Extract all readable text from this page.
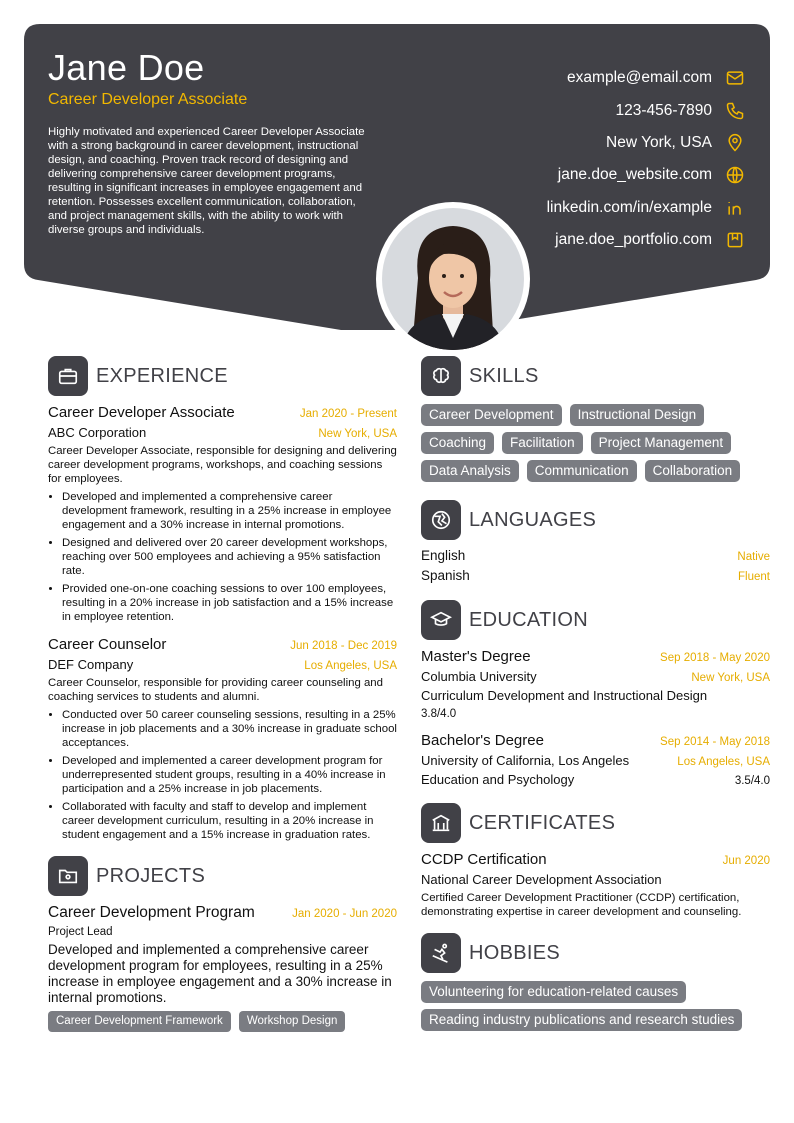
Jane Doe
Career Developer Associate
Highly motivated and experienced Career Developer Associate with a strong background in career development, instructional design, and coaching. Proven track record of designing and delivering comprehensive career development programs, resulting in significant increases in employee engagement and retention. Possesses excellent communication, collaboration, and project management skills, with the ability to work with diverse groups and individuals.
example@email.com
123-456-7890
New York, USA
jane.doe_website.com
linkedin.com/in/example
jane.doe_portfolio.com
EXPERIENCE
Career Developer Associate	Jan 2020 - Present
ABC Corporation	New York, USA
Career Developer Associate, responsible for designing and delivering career development programs, workshops, and coaching sessions for employees.
• Developed and implemented a comprehensive career development framework, resulting in a 25% increase in employee engagement and a 30% increase in internal promotions.
• Designed and delivered over 20 career development workshops, reaching over 500 employees and achieving a 95% satisfaction rate.
• Provided one-on-one coaching sessions to over 100 employees, resulting in a 20% increase in job satisfaction and a 15% increase in employee retention.
Career Counselor	Jun 2018 - Dec 2019
DEF Company	Los Angeles, USA
Career Counselor, responsible for providing career counseling and coaching services to students and alumni.
• Conducted over 50 career counseling sessions, resulting in a 25% increase in job placements and a 30% increase in graduate school acceptances.
• Developed and implemented a career development program for underrepresented student groups, resulting in a 40% increase in participation and a 25% increase in job placements.
• Collaborated with faculty and staff to develop and implement career development curriculum, resulting in a 20% increase in student engagement and a 15% increase in graduation rates.
PROJECTS
Career Development Program	Jan 2020 - Jun 2020
Project Lead
Developed and implemented a comprehensive career development program for employees, resulting in a 25% increase in employee engagement and a 30% increase in internal promotions.
Career Development Framework	Workshop Design
SKILLS
Career Development	Instructional Design
Coaching	Facilitation	Project Management
Data Analysis	Communication	Collaboration
LANGUAGES
English	Native
Spanish	Fluent
EDUCATION
Master's Degree	Sep 2018 - May 2020
Columbia University	New York, USA
Curriculum Development and Instructional Design
3.8/4.0
Bachelor's Degree	Sep 2014 - May 2018
University of California, Los Angeles	Los Angeles, USA
Education and Psychology	3.5/4.0
CERTIFICATES
CCDP Certification	Jun 2020
National Career Development Association
Certified Career Development Practitioner (CCDP) certification, demonstrating expertise in career development and counseling.
HOBBIES
Volunteering for education-related causes
Reading industry publications and research studies
